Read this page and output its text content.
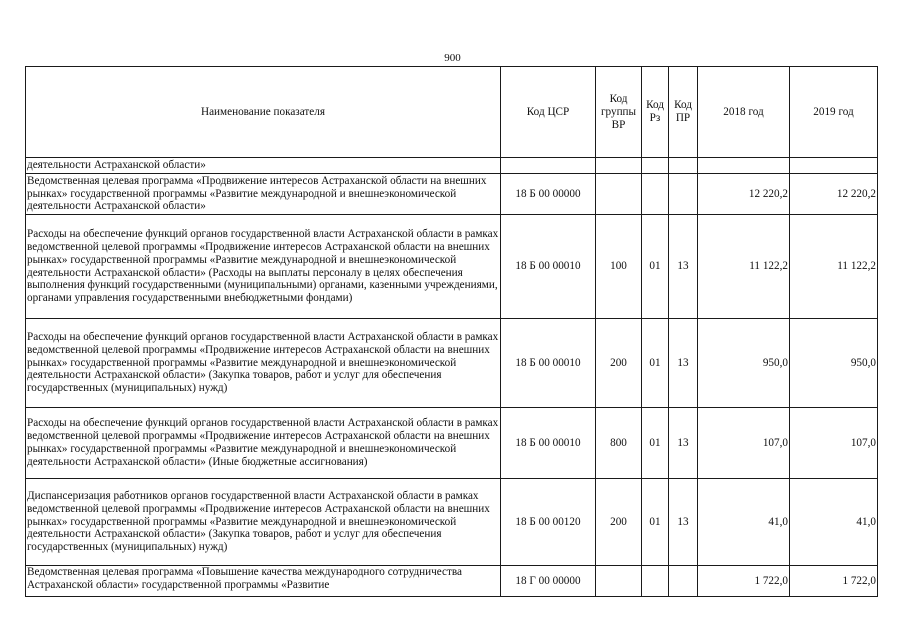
900
Наименование показателя	Код ЦСР	Код группы ВР	Код Рз	Код ПР	2018 год	2019 год
деятельности Астраханской области»						
Ведомственная целевая программа «Продвижение интересов Астраханской области на внешних рынках» государственной программы «Развитие международной и внешнеэкономической деятельности Астраханской области»	18 Б 00 00000				12 220,2	12 220,2
Расходы на обеспечение функций органов государственной власти Астраханской области в рамках ведомственной целевой программы «Продвижение интересов Астраханской области на внешних рынках» государственной программы «Развитие международной и внешнеэкономической деятельности Астраханской области» (Расходы на выплаты персоналу в целях обеспечения выполнения функций государственными (муниципальными) органами, казенными учреждениями, органами управления государственными внебюджетными фондами)	18 Б 00 00010	100	01	13	11 122,2	11 122,2
Расходы на обеспечение функций органов государственной власти Астраханской области в рамках ведомственной целевой программы «Продвижение интересов Астраханской области на внешних рынках» государственной программы «Развитие международной и внешнеэкономической деятельности Астраханской области» (Закупка товаров, работ и услуг для обеспечения государственных (муниципальных) нужд)	18 Б 00 00010	200	01	13	950,0	950,0
Расходы на обеспечение функций органов государственной власти Астраханской области в рамках ведомственной целевой программы «Продвижение интересов Астраханской области на внешних рынках» государственной программы «Развитие международной и внешнеэкономической деятельности Астраханской области» (Иные бюджетные ассигнования)	18 Б 00 00010	800	01	13	107,0	107,0
Диспансеризация работников органов государственной власти Астраханской области в рамках ведомственной целевой программы «Продвижение интересов Астраханской области на внешних рынках» государственной программы «Развитие международной и внешнеэкономической деятельности Астраханской области» (Закупка товаров, работ и услуг для обеспечения государственных (муниципальных) нужд)	18 Б 00 00120	200	01	13	41,0	41,0
Ведомственная целевая программа «Повышение качества международного сотрудничества Астраханской области» государственной программы «Развитие	18 Г 00 00000				1 722,0	1 722,0
